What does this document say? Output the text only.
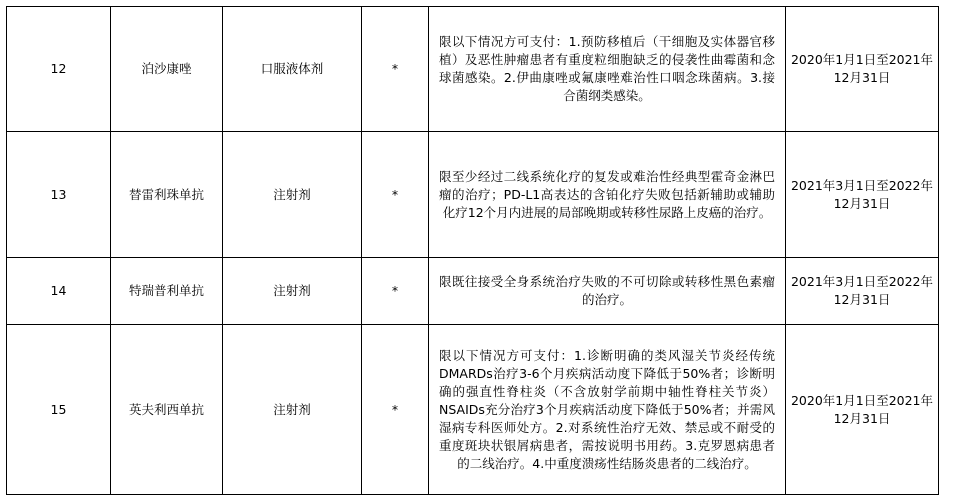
12	泊沙康唑	口服液体剂	*	限以下情况方可支付：1.预防移植后（干细胞及实体器官移植）及恶性肿瘤患者有重度粒细胞缺乏的侵袭性曲霉菌和念球菌感染。2.伊曲康唑或氟康唑难治性口咽念珠菌病。3.接合菌纲类感染。	2020年1月1日至2021年12月31日

13	替雷利珠单抗	注射剂	*	限至少经过二线系统化疗的复发或难治性经典型霍奇金淋巴瘤的治疗；PD-L1高表达的含铂化疗失败包括新辅助或辅助化疗12个月内进展的局部晚期或转移性尿路上皮癌的治疗。	2021年3月1日至2022年12月31日

14	特瑞普利单抗	注射剂	*	限既往接受全身系统治疗失败的不可切除或转移性黑色素瘤的治疗。	2021年3月1日至2022年12月31日

15	英夫利西单抗	注射剂	*	限以下情况方可支付：1.诊断明确的类风湿关节炎经传统DMARDs治疗3-6个月疾病活动度下降低于50%者；诊断明确的强直性脊柱炎（不含放射学前期中轴性脊柱关节炎）NSAIDs充分治疗3个月疾病活动度下降低于50%者；并需风湿病专科医师处方。2.对系统性治疗无效、禁忌或不耐受的重度斑块状银屑病患者，需按说明书用药。3.克罗恩病患者的二线治疗。4.中重度溃疡性结肠炎患者的二线治疗。	2020年1月1日至2021年12月31日
